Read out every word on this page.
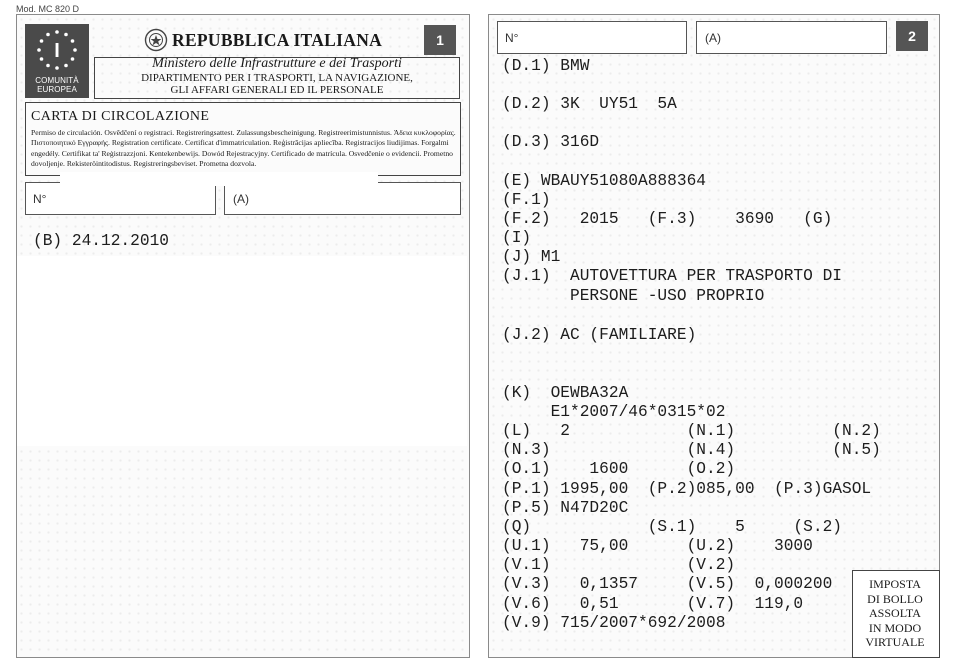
Mod. MC 820 D
I
COMUNITÀ
EUROPEA
REPUBBLICA ITALIANA	1
Ministero delle Infrastrutture e dei Trasporti
DIPARTIMENTO PER I TRASPORTI, LA NAVIGAZIONE,
GLI AFFARI GENERALI ED IL PERSONALE
CARTA DI CIRCOLAZIONE
Permiso de circulación. Osvědčení o registraci. Registreringsattest. Zulassungsbescheinigung. Registreerimistunnistus. Άδεια κυκλοφορίας. Πιστοποιητικό Εγγραφής. Registration certificate. Certificat d'immatriculation. Reģistrācijas apliecība. Registracijos liudijimas. Forgalmi engedély. Certifikat ta' Reġistrazzjoni. Kentekenbewijs. Dowód Rejestracyjny. Certificado de matrícula. Osvedčenie o evidencii. Prometno dovoljenje. Rekisteröintitodistus. Registreringsbeviset. Prometna dozvola.
N°	(A)
(B) 24.12.2010
N°	(A)	2
(D.1) BMW
(D.2) 3K  UY51  5A
(D.3) 316D
(E) WBAUY51080A888364
(F.1)
(F.2)   2015   (F.3)    3690   (G)
(I)
(J) M1
(J.1)  AUTOVETTURA PER TRASPORTO DI
PERSONE -USO PROPRIO
(J.2) AC (FAMILIARE)
(K)  OEWBA32A
E1*2007/46*0315*02
(L)   2            (N.1)          (N.2)
(N.3)              (N.4)          (N.5)
(O.1)    1600      (O.2)
(P.1) 1995,00  (P.2)085,00  (P.3)GASOL
(P.5) N47D20C
(Q)            (S.1)    5     (S.2)
(U.1)   75,00      (U.2)    3000
(V.1)              (V.2)
(V.3)   0,1357     (V.5)  0,000200
(V.6)   0,51       (V.7)  119,0
(V.9) 715/2007*692/2008
IMPOSTA
DI BOLLO
ASSOLTA
IN MODO
VIRTUALE
